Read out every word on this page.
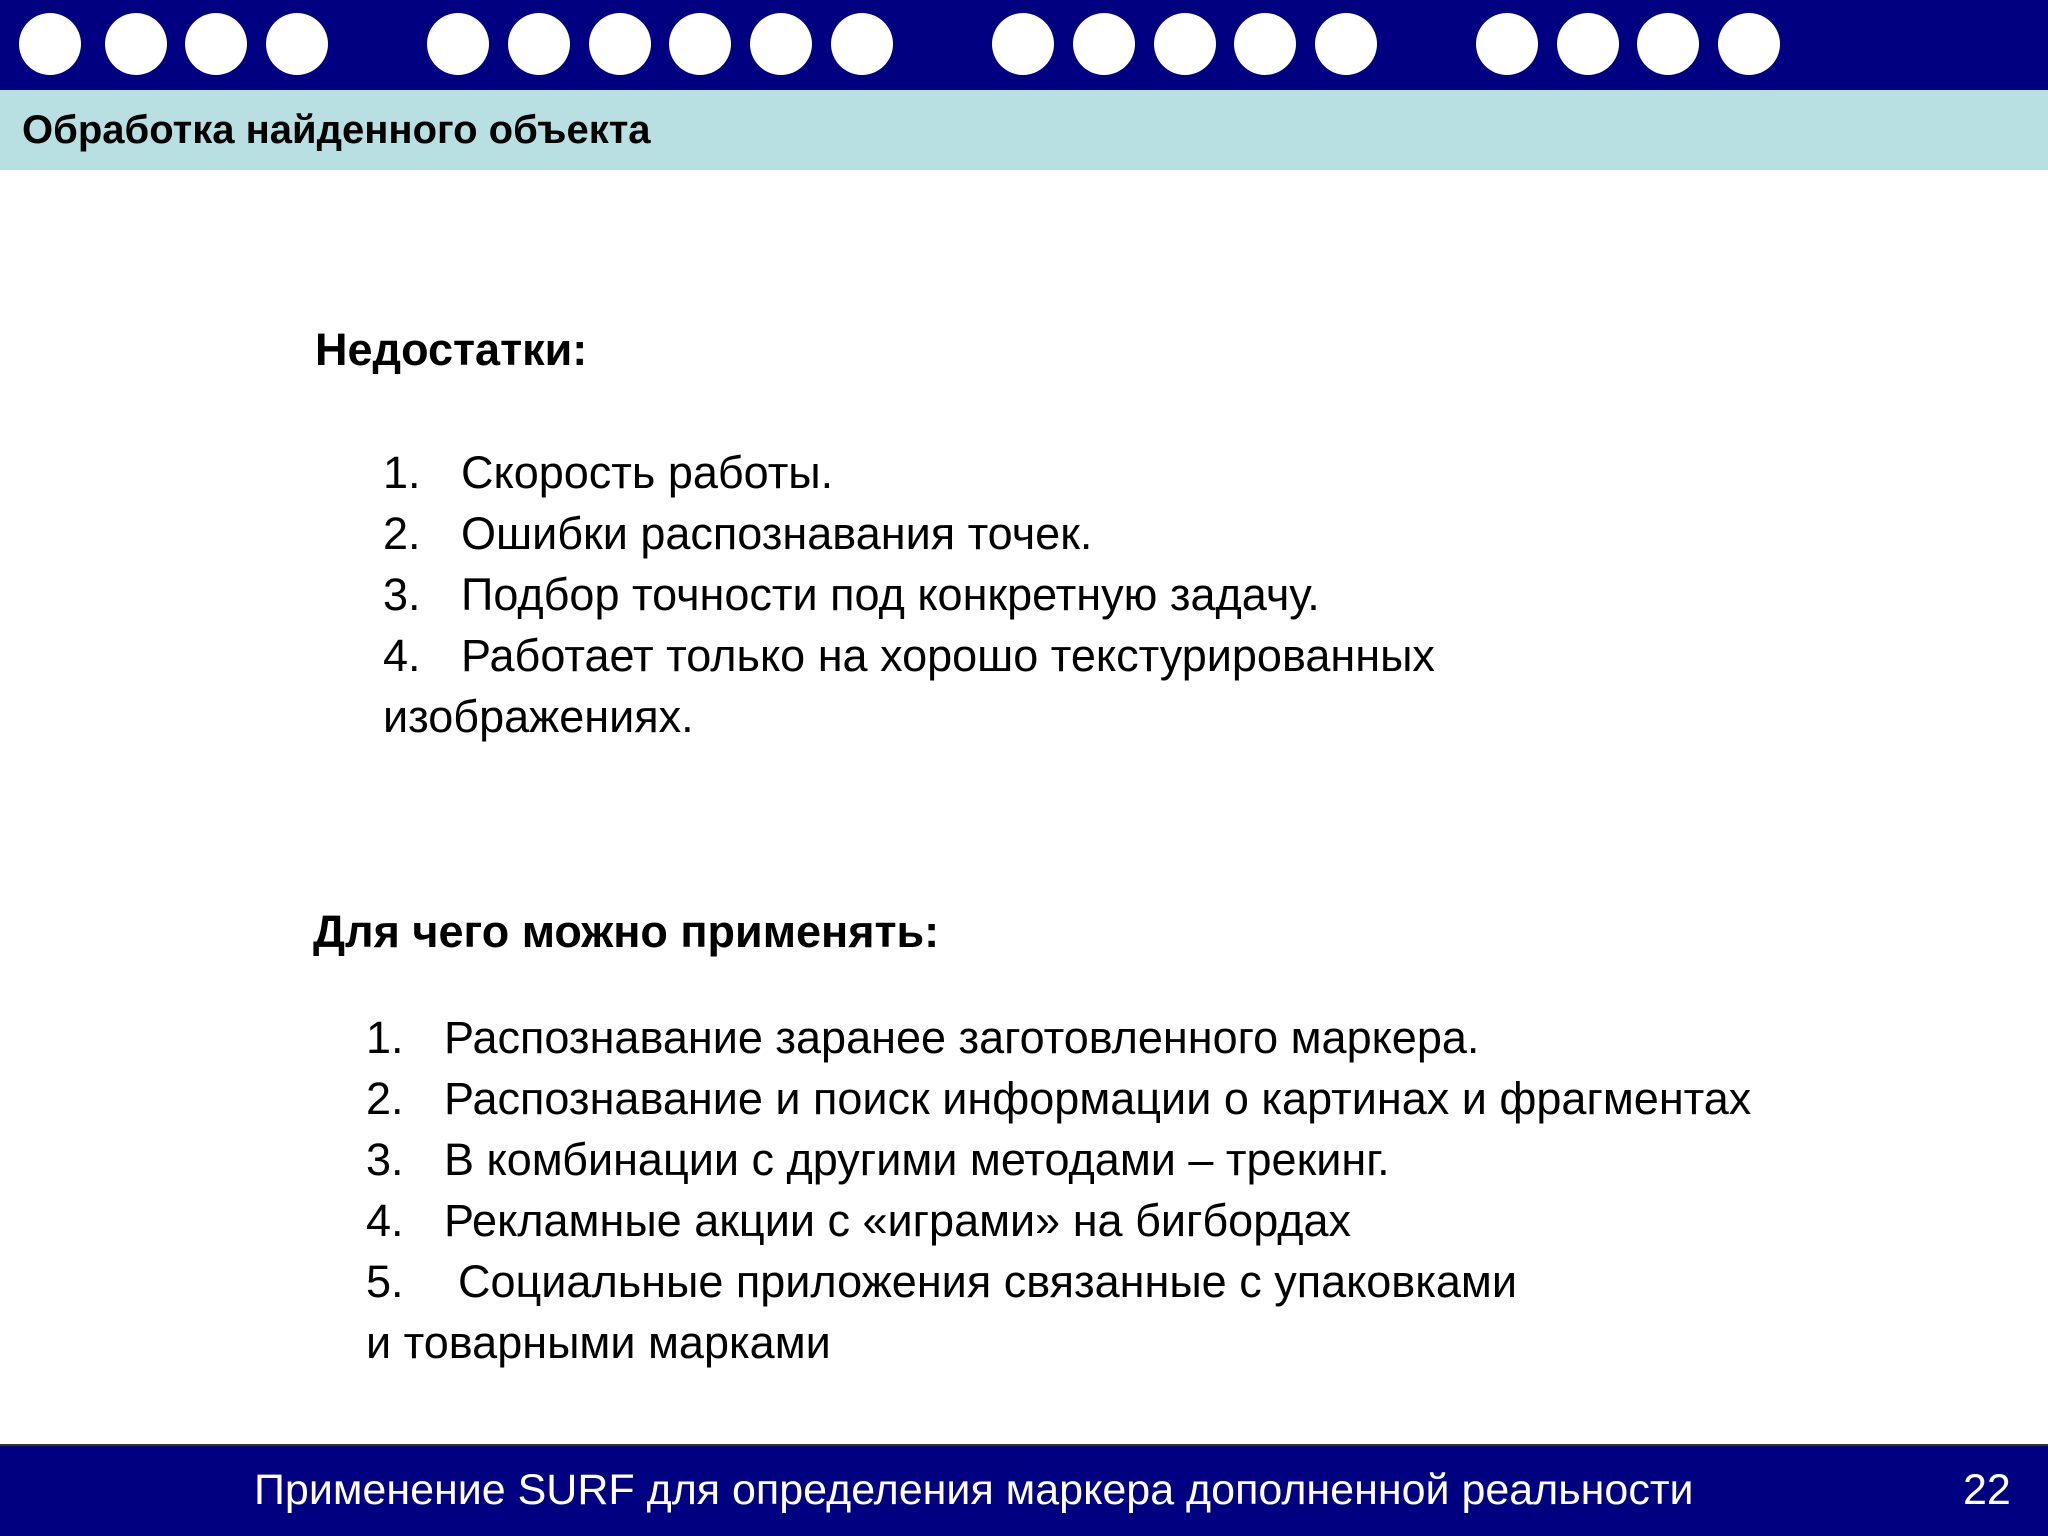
Обработка найденного объекта
Недостатки:
1. Скорость работы.
2. Ошибки распознавания точек.
3. Подбор точности под конкретную задачу.
4. Работает только на хорошо текстурированных
изображениях.
Для чего можно применять:
1. Распознавание заранее заготовленного маркера.
2. Распознавание и поиск информации о картинах и фрагментах
3. В комбинации с другими методами – трекинг.
4. Рекламные акции с «играми» на бигбордах
5. Социальные приложения связанные с упаковками
и товарными марками
Применение SURF для определения маркера дополненной реальности	22
